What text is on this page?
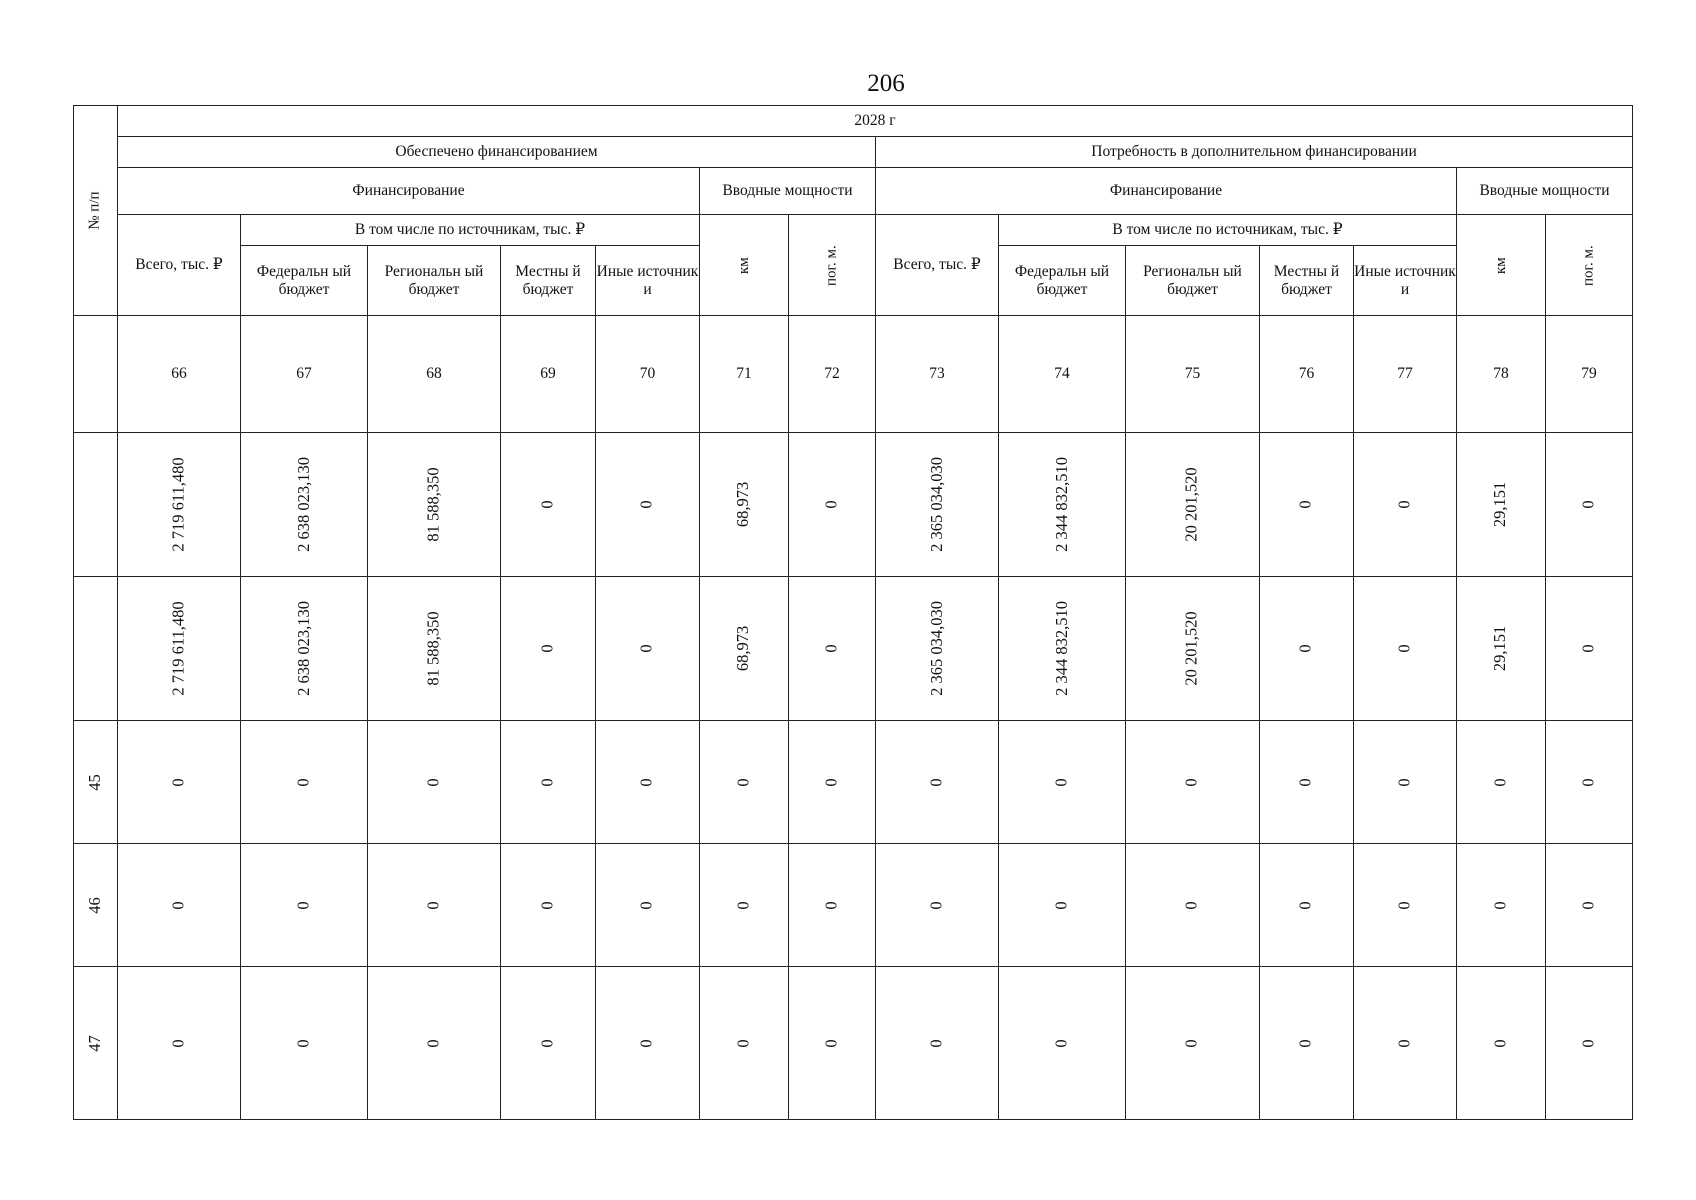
206
№ п/п	2028 г													
	Обеспечено финансированием							Потребность в дополнительном финансировании						
	Финансирование					Вводные мощности		Финансирование					Вводные мощности	
	Всего, тыс. ₽	В том числе по источникам, тыс. ₽				км	пог. м.	Всего, тыс. ₽	В том числе по источникам, тыс. ₽				км	пог. м.
		Федеральн ый бюджет	Региональн ый бюджет	Местны й бюджет	Иные источник и				Федеральн ый бюджет	Региональн ый бюджет	Местны й бюджет	Иные источник и		
	66	67	68	69	70	71	72	73	74	75	76	77	78	79
	2 719 611,480	2 638 023,130	81 588,350	0	0	68,973	0	2 365 034,030	2 344 832,510	20 201,520	0	0	29,151	0
	2 719 611,480	2 638 023,130	81 588,350	0	0	68,973	0	2 365 034,030	2 344 832,510	20 201,520	0	0	29,151	0
45	0	0	0	0	0	0	0	0	0	0	0	0	0	0
46	0	0	0	0	0	0	0	0	0	0	0	0	0	0
47	0	0	0	0	0	0	0	0	0	0	0	0	0	0
